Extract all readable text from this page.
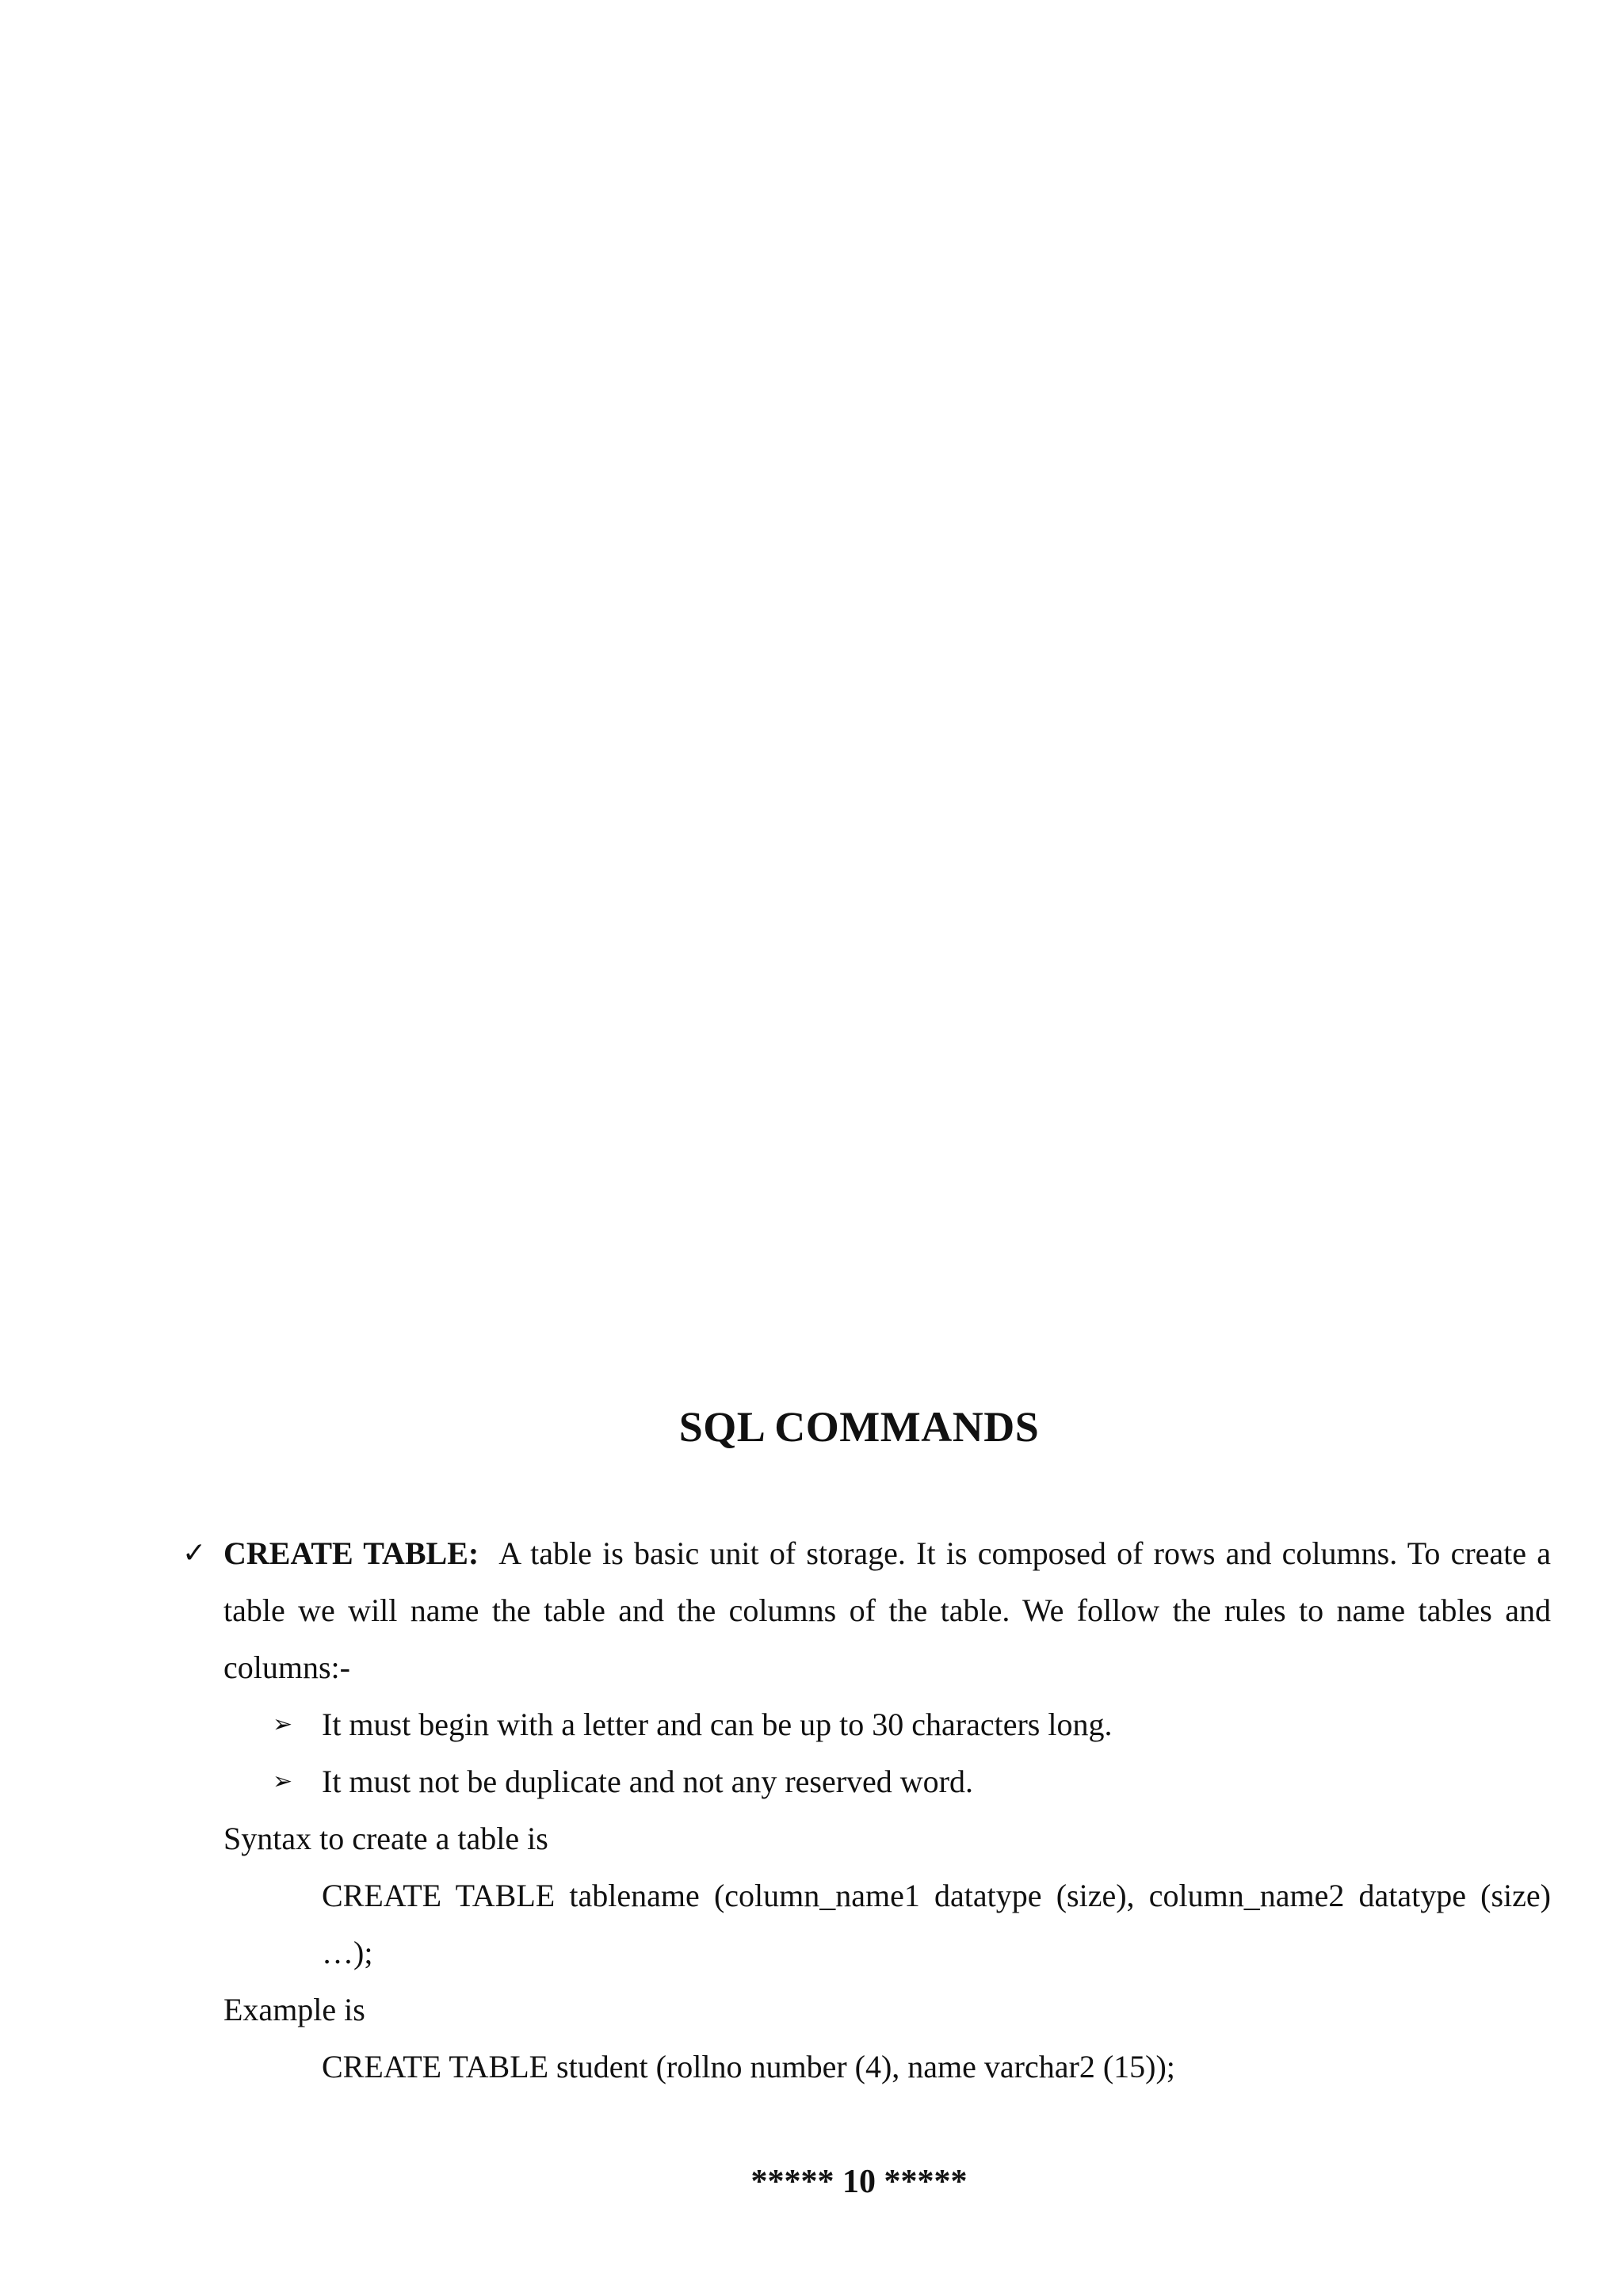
SQL COMMANDS
✓ CREATE TABLE: A table is basic unit of storage. It is composed of rows and columns. To create a table we will name the table and the columns of the table. We follow the rules to name tables and columns:-

➢ It must begin with a letter and can be up to 30 characters long.
➢ It must not be duplicate and not any reserved word.
Syntax to create a table is
CREATE TABLE tablename (column_name1 datatype (size), column_name2 datatype (size) …);
Example is
CREATE TABLE student (rollno number (4), name varchar2 (15));
***** 10 *****
